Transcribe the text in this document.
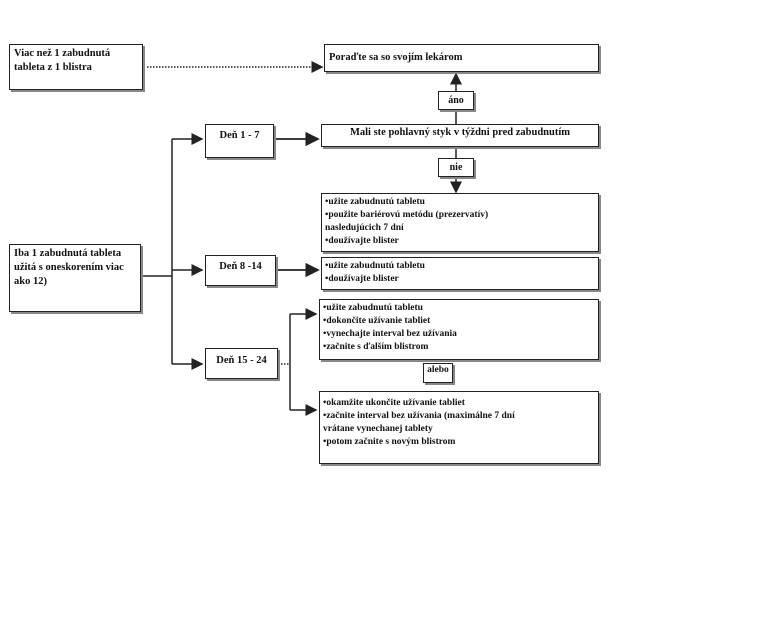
Viac než 1 zabudnutá tableta z 1 blistra
Poraďte sa so svojím lekárom
áno
Deň 1 - 7	Mali ste pohlavný styk v týždni pred zabudnutím
nie
•užite zabudnutú tabletu
•použite bariérovú metódu (prezervatív)
nasledujúcich 7 dní
•doužívajte blister
Iba 1 zabudnutá tableta užitá s oneskorením viac ako 12)
Deň 8 -14	•užite zabudnutú tabletu
•doužívajte blister
•užite zabudnutú tabletu
•dokončite užívanie tabliet
•vynechajte interval bez užívania
•začnite s ďalším blistrom
Deň 15 - 24
alebo
•okamžite ukončite užívanie tabliet
•začnite interval bez užívania (maximálne 7 dní
vrátane vynechanej tablety
•potom začnite s novým blistrom
